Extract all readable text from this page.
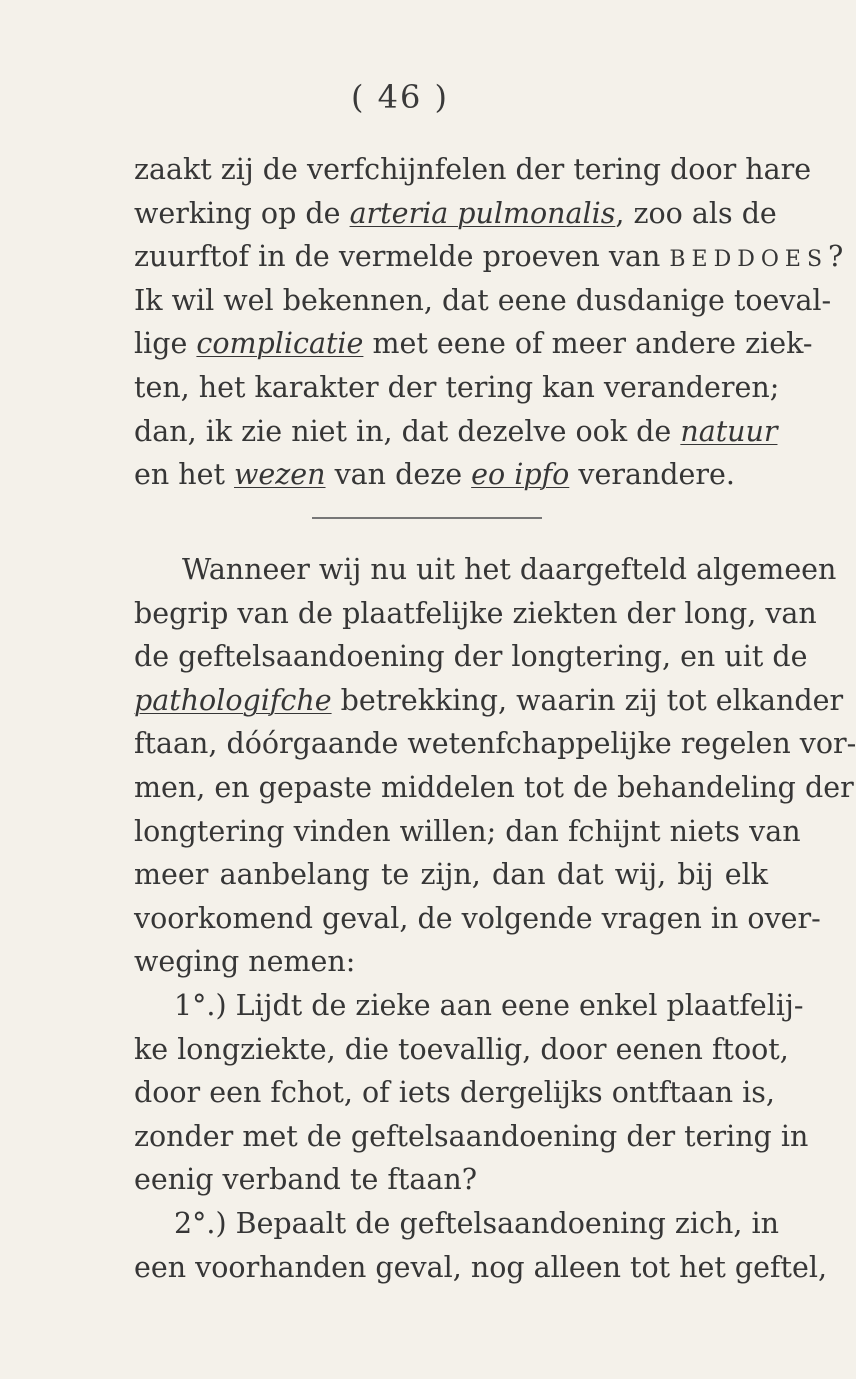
( 46 )
zaakt zij de verfchijnfelen der tering door hare
werking op de arteria pulmonalis, zoo als de
zuurftof in de vermelde proeven van BEDDOES?
Ik wil wel bekennen, dat eene dusdanige toeval-
lige complicatie met eene of meer andere ziek-
ten, het karakter der tering kan veranderen;
dan, ik zie niet in, dat dezelve ook de natuur
en het wezen van deze eo ipfo verandere.
Wanneer wij nu uit het daargefteld algemeen
begrip van de plaatfelijke ziekten der long, van
de geftelsaandoening der longtering, en uit de
pathologifche betrekking, waarin zij tot elkander
ftaan, dóórgaande wetenfchappelijke regelen vor-
men, en gepaste middelen tot de behandeling der
longtering vinden willen; dan fchijnt niets van
meer aanbelang te zijn, dan dat wij, bij elk
voorkomend geval, de volgende vragen in over-
weging nemen:
1°.) Lijdt de zieke aan eene enkel plaatfelij-
ke longziekte, die toevallig, door eenen ftoot,
door een fchot, of iets dergelijks ontftaan is,
zonder met de geftelsaandoening der tering in
eenig verband te ftaan?
2°.) Bepaalt de geftelsaandoening zich, in
een voorhanden geval, nog alleen tot het geftel,
